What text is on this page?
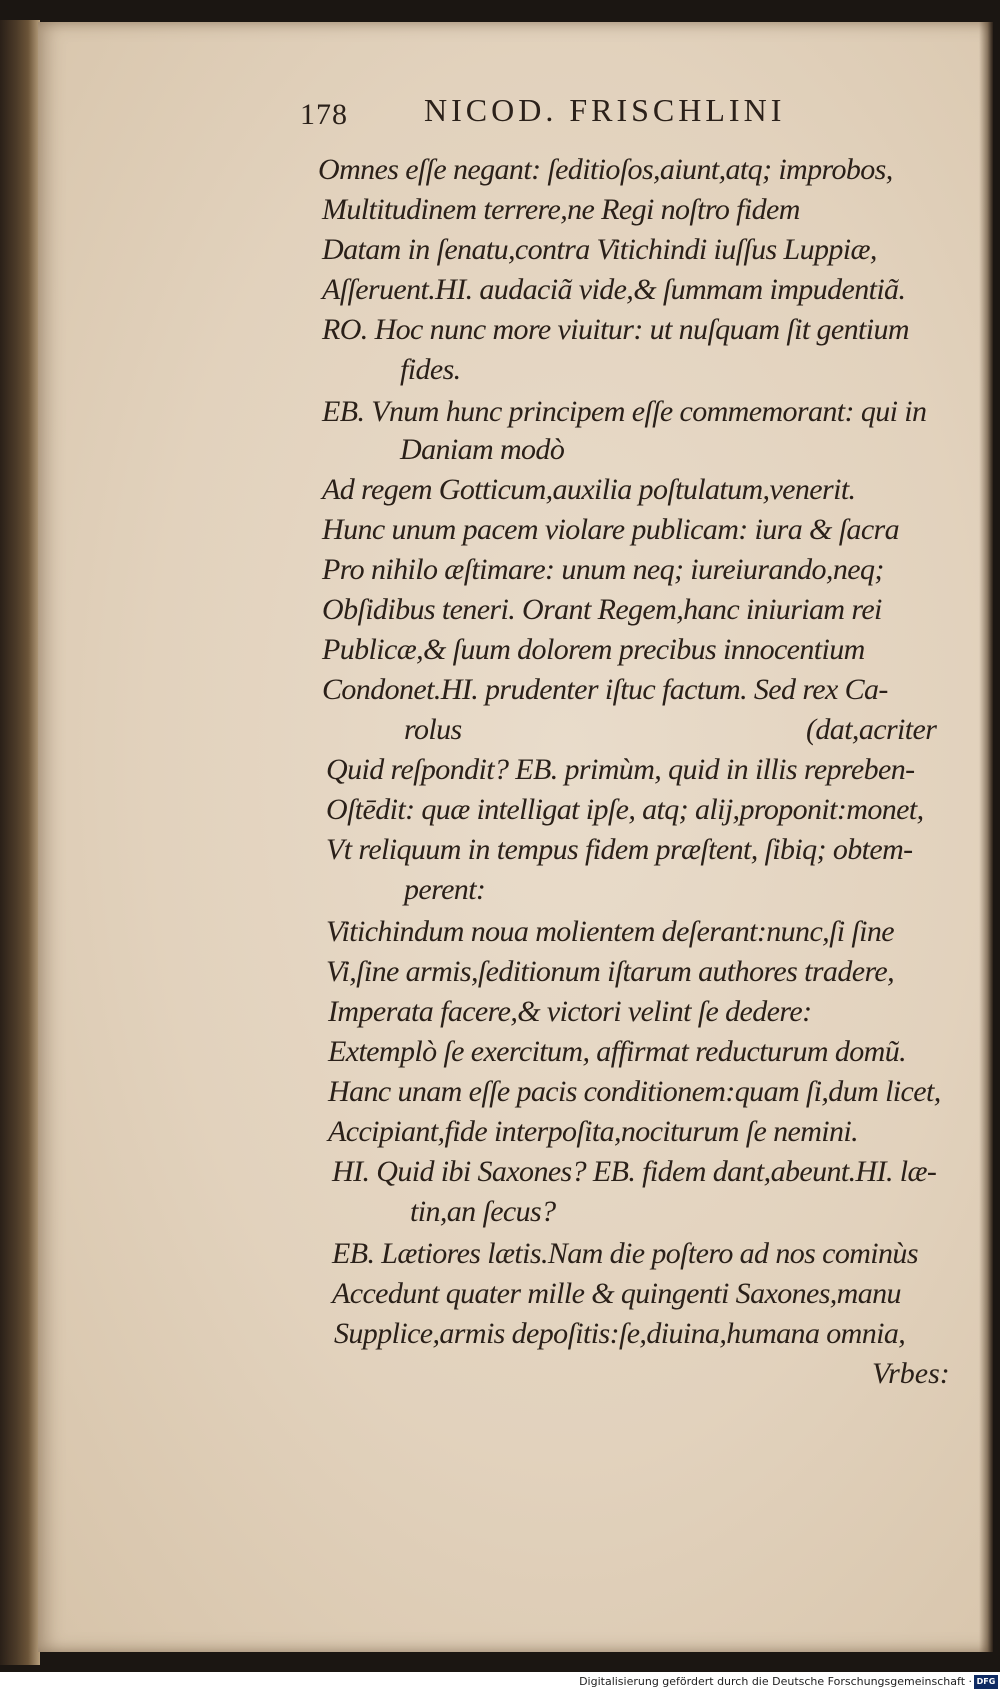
178 NICOD. FRISCHLINI
Omnes eſſe negant: ſeditioſos,aiunt,atq; improbos,
Multitudinem terrere,ne Regi noſtro fidem
Datam in ſenatu,contra Vitichindi iuſſus Luppiæ,
Aſſeruent.HI. audaciã vide,& ſummam impudentiã.
RO. Hoc nunc more viuitur: ut nuſquam ſit gentium
fides.
EB. Vnum hunc principem eſſe commemorant: qui in
Daniam modò
Ad regem Gotticum,auxilia poſtulatum,venerit.
Hunc unum pacem violare publicam: iura & ſacra
Pro nihilo æſtimare: unum neq; iureiurando,neq;
Obſidibus teneri. Orant Regem,hanc iniuriam rei
Publicæ,& ſuum dolorem precibus innocentium
Condonet.HI. prudenter iſtuc factum. Sed rex Ca-
rolus	(dat,acriter
Quid reſpondit? EB. primùm, quid in illis repreben-
Oſtēdit: quæ intelligat ipſe, atq; alij,proponit:monet,
Vt reliquum in tempus fidem præſtent, ſibiq; obtem-
perent:
Vitichindum noua molientem deſerant:nunc,ſi ſine
Vi,ſine armis,ſeditionum iſtarum authores tradere,
Imperata facere,& victori velint ſe dedere:
Extemplò ſe exercitum, affirmat reducturum domũ.
Hanc unam eſſe pacis conditionem:quam ſi,dum licet,
Accipiant,fide interpoſita,nociturum ſe nemini.
HI. Quid ibi Saxones? EB. fidem dant,abeunt.HI. læ-
tin,an ſecus?
EB. Lætiores lætis.Nam die poſtero ad nos cominùs
Accedunt quater mille & quingenti Saxones,manu
Supplice,armis depoſitis:ſe,diuina,humana omnia,
Vrbes:
Digitalisierung gefördert durch die Deutsche Forschungsgemeinschaft · DFG
